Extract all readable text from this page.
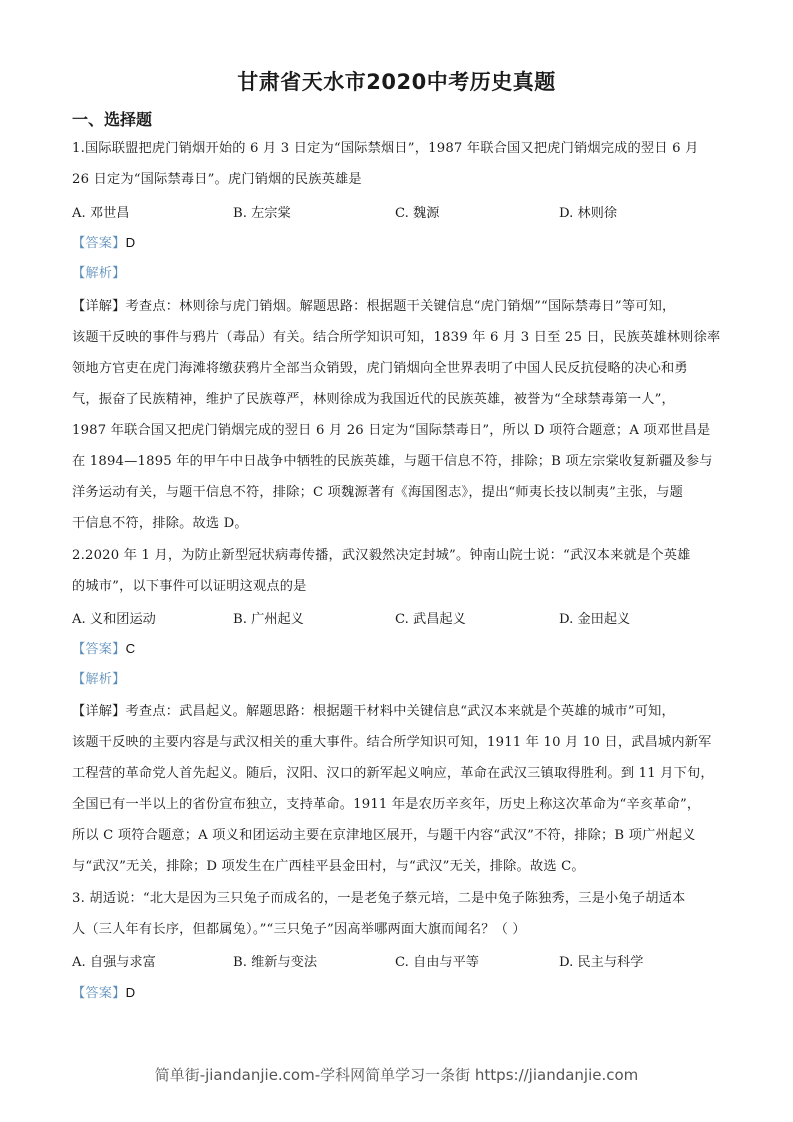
甘肃省天水市2020中考历史真题
一、选择题
1.国际联盟把虎门销烟开始的 6 月 3 日定为“国际禁烟日”，1987 年联合国又把虎门销烟完成的翌日 6 月
26 日定为“国际禁毒日”。虎门销烟的民族英雄是
A. 邓世昌	B. 左宗棠	C. 魏源	D. 林则徐
【答案】D
【解析】
【详解】考查点：林则徐与虎门销烟。解题思路：根据题干关键信息“虎门销烟”“国际禁毒日”等可知，
该题干反映的事件与鸦片（毒品）有关。结合所学知识可知，1839 年 6 月 3 日至 25 日，民族英雄林则徐率
领地方官吏在虎门海滩将缴获鸦片全部当众销毁，虎门销烟向全世界表明了中国人民反抗侵略的决心和勇
气，振奋了民族精神，维护了民族尊严，林则徐成为我国近代的民族英雄，被誉为“全球禁毒第一人”，
1987 年联合国又把虎门销烟完成的翌日 6 月 26 日定为“国际禁毒日”，所以 D 项符合题意；A 项邓世昌是
在 1894—1895 年的甲午中日战争中牺牲的民族英雄，与题干信息不符，排除；B 项左宗棠收复新疆及参与
洋务运动有关，与题干信息不符，排除；C 项魏源著有《海国图志》，提出“师夷长技以制夷”主张，与题
干信息不符，排除。故选 D。
2.2020 年 1 月，为防止新型冠状病毒传播，武汉毅然决定封城”。钟南山院士说：“武汉本来就是个英雄
的城市”，以下事件可以证明这观点的是
A. 义和团运动	B. 广州起义	C. 武昌起义	D. 金田起义
【答案】C
【解析】
【详解】考查点：武昌起义。解题思路：根据题干材料中关键信息“武汉本来就是个英雄的城市”可知，
该题干反映的主要内容是与武汉相关的重大事件。结合所学知识可知，1911 年 10 月 10 日，武昌城内新军
工程营的革命党人首先起义。随后，汉阳、汉口的新军起义响应，革命在武汉三镇取得胜利。到 11 月下旬，
全国已有一半以上的省份宣布独立，支持革命。1911 年是农历辛亥年，历史上称这次革命为“辛亥革命”，
所以 C 项符合题意；A 项义和团运动主要在京津地区展开，与题干内容“武汉”不符，排除；B 项广州起义
与“武汉”无关，排除；D 项发生在广西桂平县金田村，与“武汉”无关，排除。故选 C。
3. 胡适说：“北大是因为三只兔子而成名的，一是老兔子蔡元培，二是中兔子陈独秀，三是小兔子胡适本
人（三人年有长序，但都属兔）。”“三只兔子”因高举哪两面大旗而闻名？（ ）
A. 自强与求富	B. 维新与变法	C. 自由与平等	D. 民主与科学
【答案】D
简单街-jiandanjie.com-学科网简单学习一条街 https://jiandanjie.com
